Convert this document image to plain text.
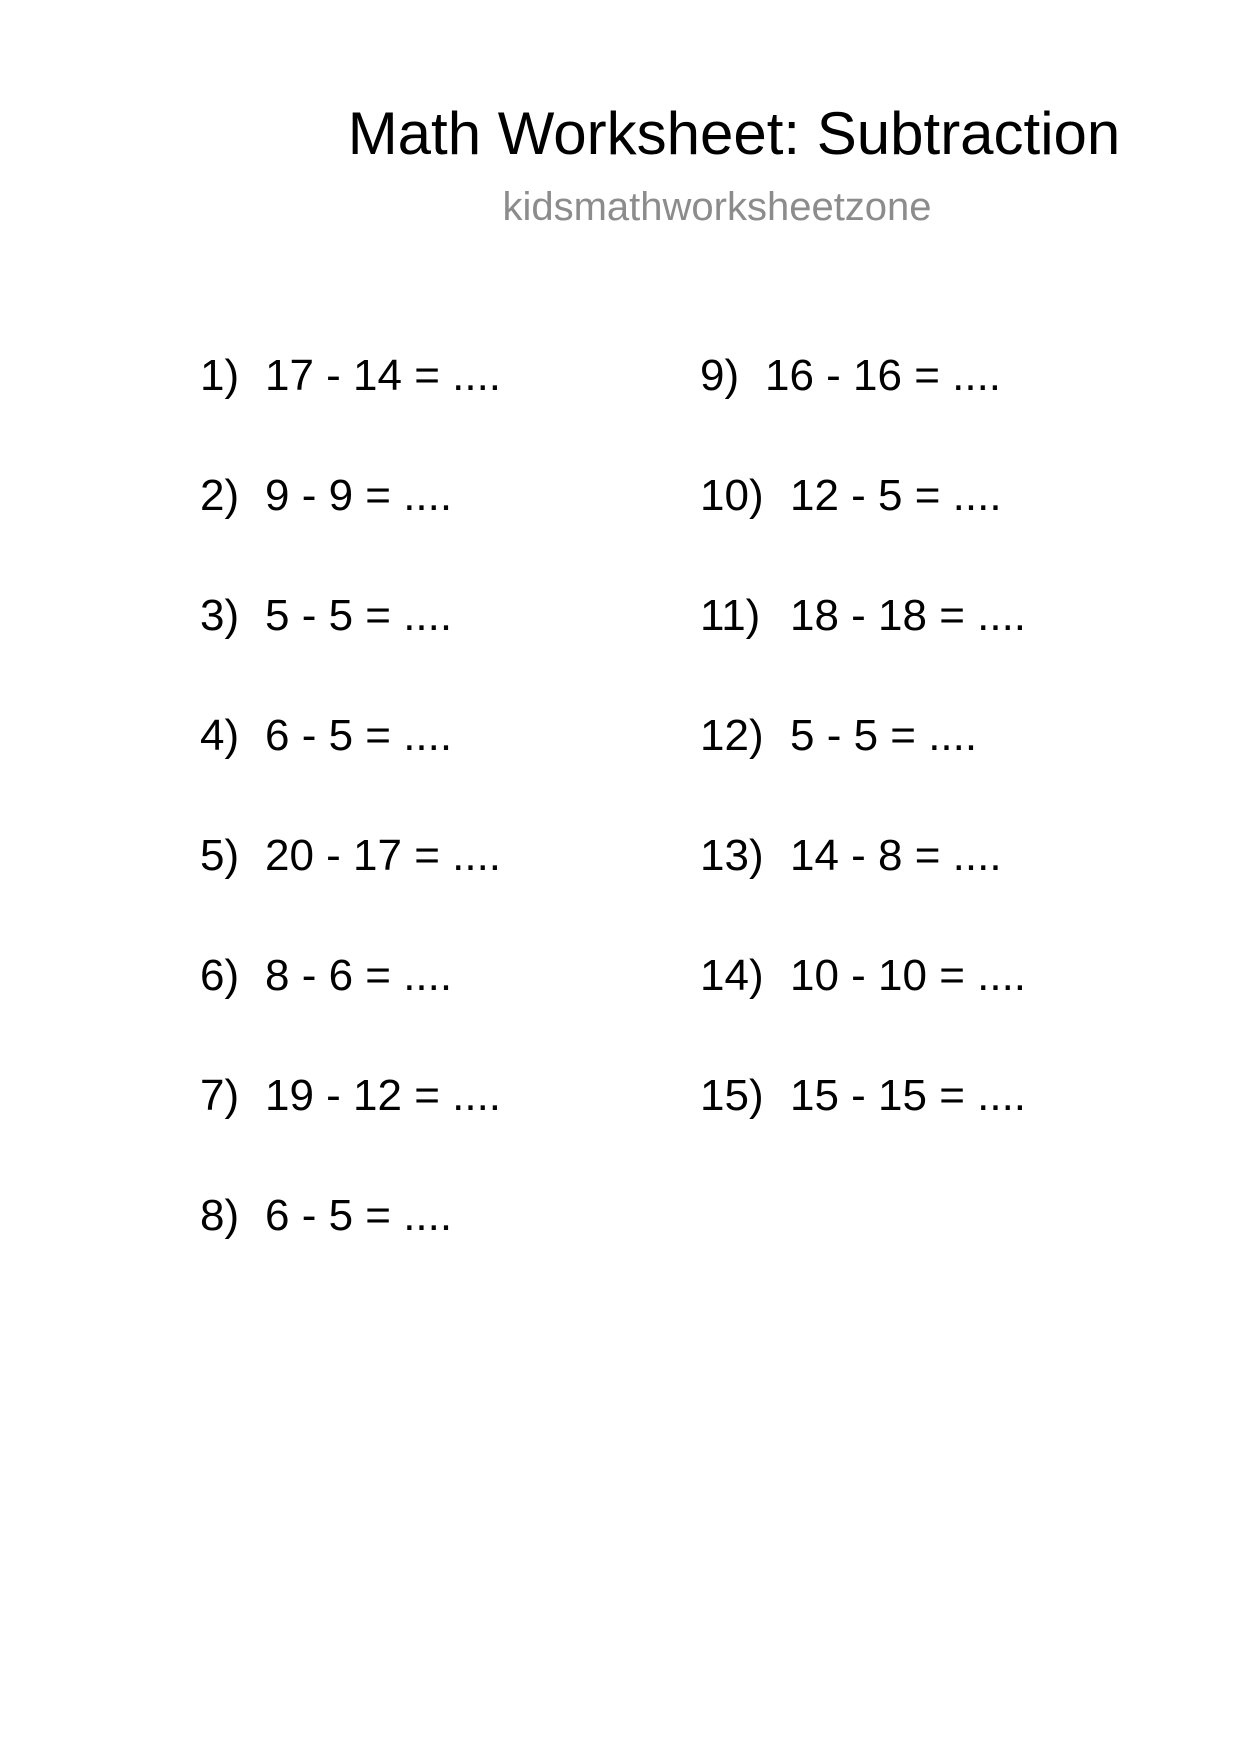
Math Worksheet: Subtraction
kidsmathworksheetzone
1) 17 - 14 = ....
2) 9 - 9 = ....
3) 5 - 5 = ....
4) 6 - 5 = ....
5) 20 - 17 = ....
6) 8 - 6 = ....
7) 19 - 12 = ....
8) 6 - 5 = ....
9) 16 - 16 = ....
10) 12 - 5 = ....
11) 18 - 18 = ....
12) 5 - 5 = ....
13) 14 - 8 = ....
14) 10 - 10 = ....
15) 15 - 15 = ....
